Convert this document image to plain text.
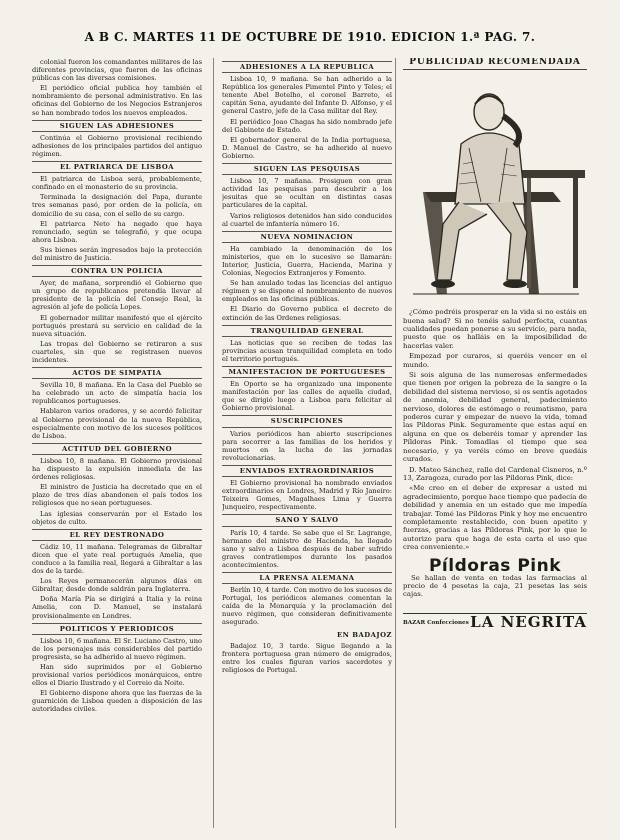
A B C. MARTES 11 DE OCTUBRE DE 1910. EDICION 1.ª PAG. 7.

colonial fueron los comandantes militares de las diferentes provincias, que fueron de las oficinas públicas con las diversas comisiones.

El periódico oficial publica hoy también el nombramiento de personal administrativo. En las oficinas del Gobierno de los Negocios Estranjeros se han nombrado todos los nuevos empleados.

SIGUEN LAS ADHESIONES

Continúa el Gobierno provisional recibiendo adhesiones de los principales partidos del antiguo régimen.

EL PATRIARCA DE LISBOA

El patriarca de Lisboa será, probablemente, confinado en el monasterio de su provincia.

Terminada la designación del Papa, durante tres semanas pasó, por orden de la policía, en domicilio de su casa, con el sello de su cargo.

El patriarca Neto ha negado que haya renunciado, según se telegrafió, y que ocupa ahora Lisboa.

Sus bienes serán ingresados bajo la protección del ministro de Justicia.

CONTRA UN POLICIA

Ayer, de mañana, sorprendió el Gobierno que un grupo de republicanos pretendía llevar al presidente de la policía del Consejo Real, la agresión al jefe de policía Lopes.

El gobernador militar manifestó que el ejército portugués prestará su servicio en calidad de la nueva situación.

Las tropas del Gobierno se retiraron a sus cuarteles, sin que se registrasen nuevos incidentes.

ACTOS DE SIMPATIA

Sevilla 10, 8 mañana. En la Casa del Pueblo se ha celebrado un acto de simpatía hacia los republicanos portugueses.

Hablaron varios oradores, y se acordó felicitar al Gobierno provisional de la nueva República, especialmente con motivo de los sucesos políticos de Lisboa.

ACTITUD DEL GOBIERNO

Lisboa 10, 8 mañana. El Gobierno provisional ha dispuesto la expulsión inmediata de las órdenes religiosas.

El ministro de Justicia ha decretado que en el plazo de tres días abandonen el país todos los religiosos que no sean portugueses.

Las iglesias conservarán por el Estado los objetos de culto.

EL REY DESTRONADO

Cádiz 10, 11 mañana. Telegramas de Gibraltar dicen que el yate real portugués Amelia, que conduce a la familia real, llegará a Gibraltar a las dos de la tarde.

Los Reyes permanecerán algunos días en Gibraltar, desde donde saldrán para Inglaterra.

Doña María Pía se dirigirá a Italia y la reina Amelia, con D. Manuel, se instalará provisionalmente en Londres.

POLITICOS Y PERIODICOS

Lisboa 10, 6 mañana. El Sr. Luciano Castro, uno de los personajes más considerables del partido progresista, se ha adherido al nuevo régimen.

Han sido suprimidos por el Gobierno provisional varios periódicos monárquicos, entre ellos el Diario Ilustrado y el Correio da Noite.

El Gobierno dispone ahora que las fuerzas de la guarnición de Lisboa queden a disposición de las autoridades civiles.

ADHESIONES A LA REPUBLICA

Lisboa 10, 9 mañana. Se han adherido a la República los generales Pimentel Pinto y Teles; el tenente Abel Botelho, el coronel Barreto, el capitán Sena, ayudante del Infante D. Alfonso, y el general Castro, jefe de la Casa militar del Rey.

El periódico Joao Chagas ha sido nombrado jefe del Gabinete de Estado.

El gobernador general de la India portuguesa, D. Manuel de Castro, se ha adherido al nuevo Gobierno.

SIGUEN LAS PESQUISAS

Lisboa 10, 7 mañana. Prosiguen con gran actividad las pesquisas para descubrir a los jesuitas que se ocultan en distintas casas particulares de la capital.

Varios religiosos detenidos han sido conducidos al cuartel de infantería número 16.

NUEVA NOMINACION

Ha cambiado la denominación de los ministerios, que en lo sucesivo se llamarán: Interior, Justicia, Guerra, Hacienda, Marina y Colonias, Negocios Extranjeros y Fomento.

Se han anulado todas las licencias del antiguo régimen y se dispone el nombramiento de nuevos empleados en las oficinas públicas.

El Diario do Governo publica el decreto de extinción de las Ordenes religiosas.

TRANQUILIDAD GENERAL

Las noticias que se reciben de todas las provincias acusan tranquilidad completa en todo el territorio portugués.

MANIFESTACION DE PORTUGUESES

En Oporto se ha organizado una imponente manifestación por las calles de aquella ciudad, que se dirigió luego a Lisboa para felicitar al Gobierno provisional.

SUSCRIPCIONES

Varios periódicos han abierto suscripciones para socorrer a las familias de los heridos y muertos en la lucha de las jornadas revolucionarias.

ENVIADOS EXTRAORDINARIOS

El Gobierno provisional ha nombrado enviados extraordinarios en Londres, Madrid y Río Janeiro: Teixeira Gomes, Magalhaes Lima y Guerra Junqueiro, respectivamente.

SANO Y SALVO

París 10, 4 tarde. Se sabe que el Sr. Lagrange, hermano del ministro de Hacienda, ha llegado sano y salvo a Lisboa después de haber sufrido graves contratiempos durante los pasados acontecimientos.

LA PRENSA ALEMANA

Berlín 10, 4 tarde. Con motivo de los sucesos de Portugal, los periódicos alemanes comentan la caída de la Monarquía y la proclamación del nuevo régimen, que consideran definitivamente asegurado.

EN BADAJOZ

Badajoz 10, 3 tarde. Sigue llegando a la frontera portuguesa gran número de emigrados, entre los cuales figuran varios sacerdotes y religiosos de Portugal.

PUBLICIDAD RECOMENDADA

¿Cómo podréis prosperar en la vida si no estáis en buena salud? Si no tenéis salud perfecta, cuantas cualidades puedan ponerse a su servicio, para nada, puesto que os halláis en la imposibilidad de hacerlas valer.

Empezad por curaros, si queréis vencer en el mundo.

Si sois alguna de las numerosas enfermedades que tienen por origen la pobreza de la sangre o la debilidad del sistema nervioso, si os sentís agotados de anemia, debilidad general, padecimiento nervioso, dolores de estómago o reumatismo, para poderos curar y empezar de nuevo la vida, tomad las Píldoras Pink. Seguramente que estas aquí en alguna en que os deberéis tomar y aprender las Píldoras Pink. Tomadlas el tiempo que sea necesario, y ya veréis cómo en breve quedáis curados.

D. Mateo Sánchez, ralle del Cardenal Cisneros, n.º 13, Zaragoza, curado por las Píldoras Pink, dice:

«Me creo en el deber de expresar a usted mi agradecimiento, porque hace tiempo que padecía de debilidad y anemia en un estado que me impedía trabajar. Tomé las Píldoras Pink y hoy me encuentro completamente restablecido, con buen apetito y fuerzas, gracias a las Píldoras Pink, por lo que le autorizo para que haga de esta carta el uso que crea conveniente.»

Píldoras Pink

Se hallan de venta en todas las farmacias al precio de 4 pesetas la caja, 21 pesetas las seis cajas.

BAZAR Confecciones LA NEGRITA
